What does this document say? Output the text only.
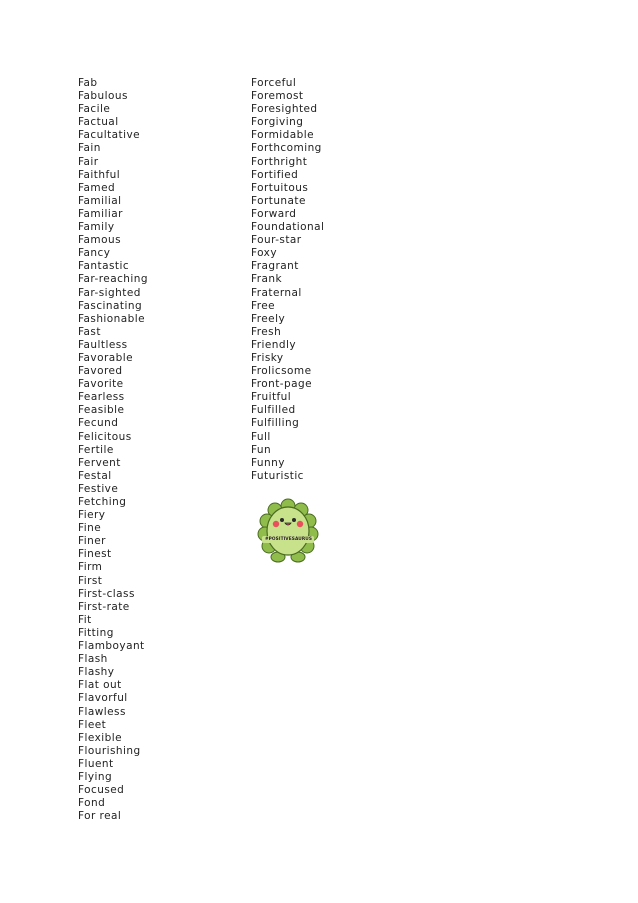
Fab
Fabulous
Facile
Factual
Facultative
Fain
Fair
Faithful
Famed
Familial
Familiar
Family
Famous
Fancy
Fantastic
Far-reaching
Far-sighted
Fascinating
Fashionable
Fast
Faultless
Favorable
Favored
Favorite
Fearless
Feasible
Fecund
Felicitous
Fertile
Fervent
Festal
Festive
Fetching
Fiery
Fine
Finer
Finest
Firm
First
First-class
First-rate
Fit
Fitting
Flamboyant
Flash
Flashy
Flat out
Flavorful
Flawless
Fleet
Flexible
Flourishing
Fluent
Flying
Focused
Fond
For real
Forceful
Foremost
Foresighted
Forgiving
Formidable
Forthcoming
Forthright
Fortified
Fortuitous
Fortunate
Forward
Foundational
Four-star
Foxy
Fragrant
Frank
Fraternal
Free
Freely
Fresh
Friendly
Frisky
Frolicsome
Front-page
Fruitful
Fulfilled
Fulfilling
Full
Fun
Funny
Futuristic
#POSITIVESAURUS
